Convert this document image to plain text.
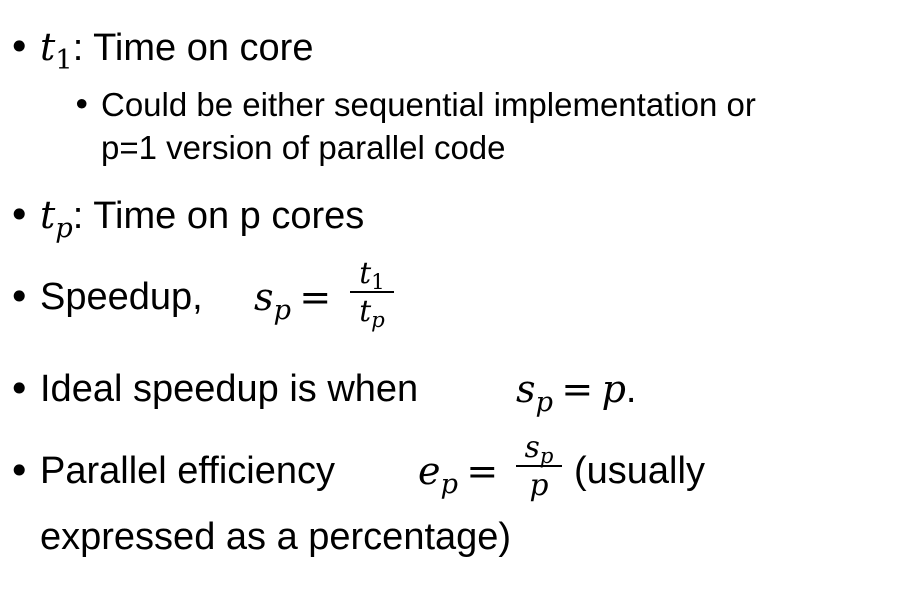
• $t_1$: Time on core
• Could be either sequential implementation or
p=1 version of parallel code
• $t_p$: Time on p cores
• Speedup, $s_p = \frac{t_1}{t_p}$
• Ideal speedup is when	$s_p = p$.
• Parallel efficiency $e_p$ = (usually
$\frac{s_p}{p}$
expressed as a percentage)
